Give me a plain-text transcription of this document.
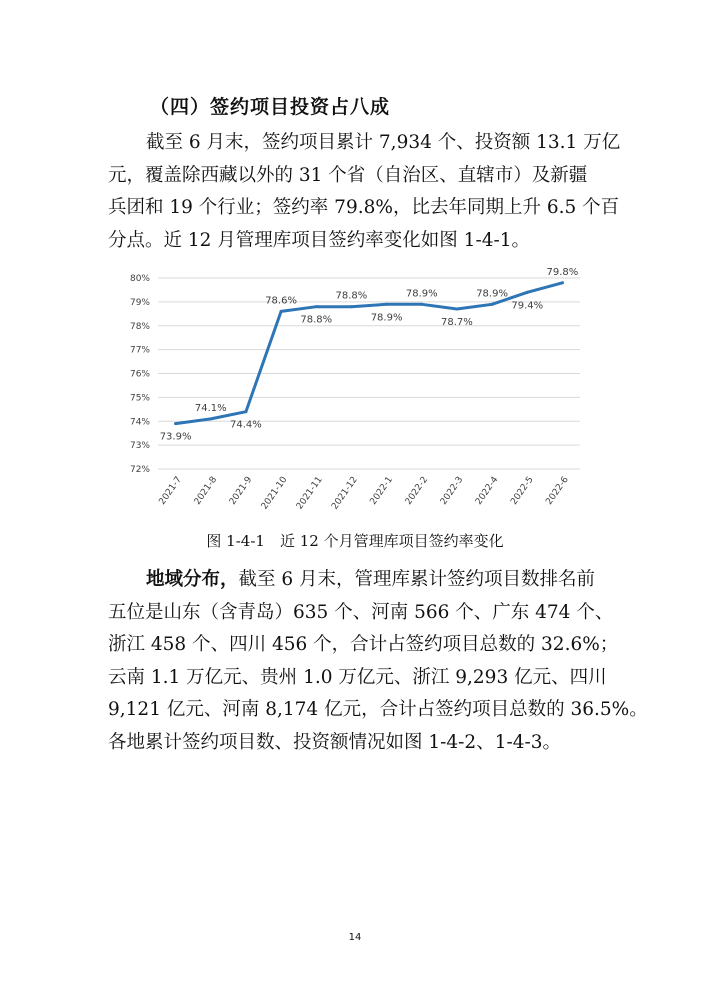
（四）签约项目投资占八成
截至 6 月末，签约项目累计 7,934 个、投资额 13.1 万亿
元，覆盖除西藏以外的 31 个省（自治区、直辖市）及新疆
兵团和 19 个行业；签约率 79.8%，比去年同期上升 6.5 个百
分点。近 12 月管理库项目签约率变化如图 1-4-1。
72%
73%
74%
75%
76%
77%
78%
79%
80%
2021-7 2021-8 2021-9 2021-10 2021-11 2021-12 2022-1 2022-2 2022-3 2022-4 2022-5 2022-6
73.9%
74.1%
74.4%
78.6%
78.8%
78.8%
78.9%
78.9%
78.7%
78.9%
79.4%
79.8%
图 1-4-1　近 12 个月管理库项目签约率变化
地域分布，截至 6 月末，管理库累计签约项目数排名前
五位是山东（含青岛）635 个、河南 566 个、广东 474 个、
浙江 458 个、四川 456 个，合计占签约项目总数的 32.6%；
云南 1.1 万亿元、贵州 1.0 万亿元、浙江 9,293 亿元、四川
9,121 亿元、河南 8,174 亿元，合计占签约项目总数的 36.5%。
各地累计签约项目数、投资额情况如图 1-4-2、1-4-3。
14
